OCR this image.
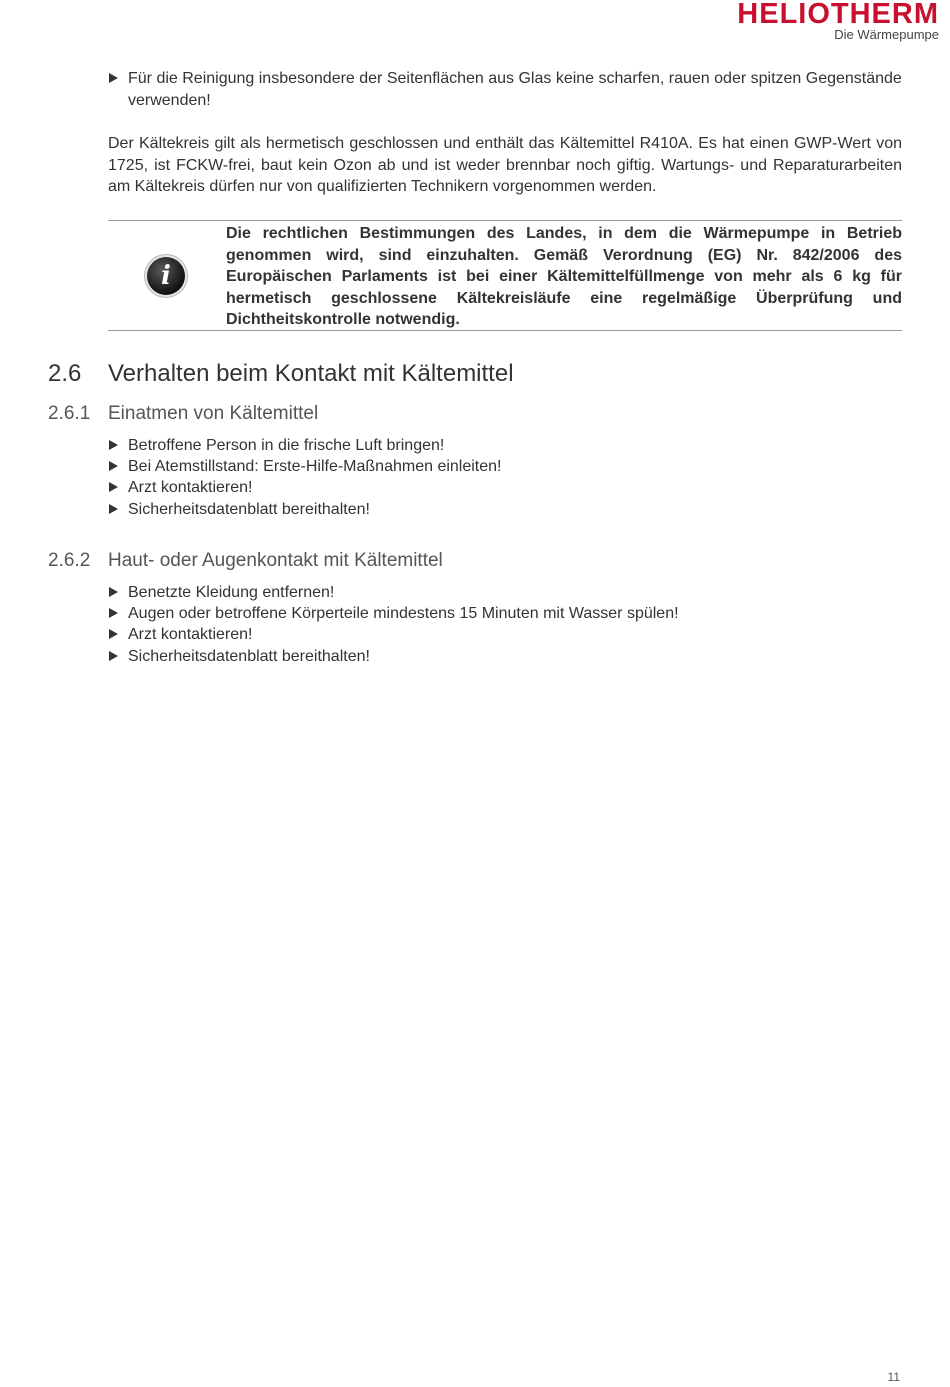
HELIOTHERM
Die Wärmepumpe
Für die Reinigung insbesondere der Seitenflächen aus Glas keine scharfen, rauen oder spitzen Gegenstände verwenden!
Der Kältekreis gilt als hermetisch geschlossen und enthält das Kältemittel R410A. Es hat einen GWP-Wert von 1725, ist FCKW-frei, baut kein Ozon ab und ist weder brennbar noch giftig. Wartungs- und Reparaturarbeiten am Kältekreis dürfen nur von qualifizierten Technikern vorgenommen werden.
i
Die rechtlichen Bestimmungen des Landes, in dem die Wärmepumpe in Betrieb genommen wird, sind einzuhalten. Gemäß Verordnung (EG) Nr. 842/2006 des Europäischen Parlaments ist bei einer Kältemittelfüllmenge von mehr als 6 kg für hermetisch geschlossene Kältekreisläufe eine regelmäßige Überprüfung und Dichtheitskontrolle notwendig.
2.6 Verhalten beim Kontakt mit Kältemittel
2.6.1 Einatmen von Kältemittel
Betroffene Person in die frische Luft bringen!
Bei Atemstillstand: Erste-Hilfe-Maßnahmen einleiten!
Arzt kontaktieren!
Sicherheitsdatenblatt bereithalten!
2.6.2 Haut- oder Augenkontakt mit Kältemittel
Benetzte Kleidung entfernen!
Augen oder betroffene Körperteile mindestens 15 Minuten mit Wasser spülen!
Arzt kontaktieren!
Sicherheitsdatenblatt bereithalten!
11
